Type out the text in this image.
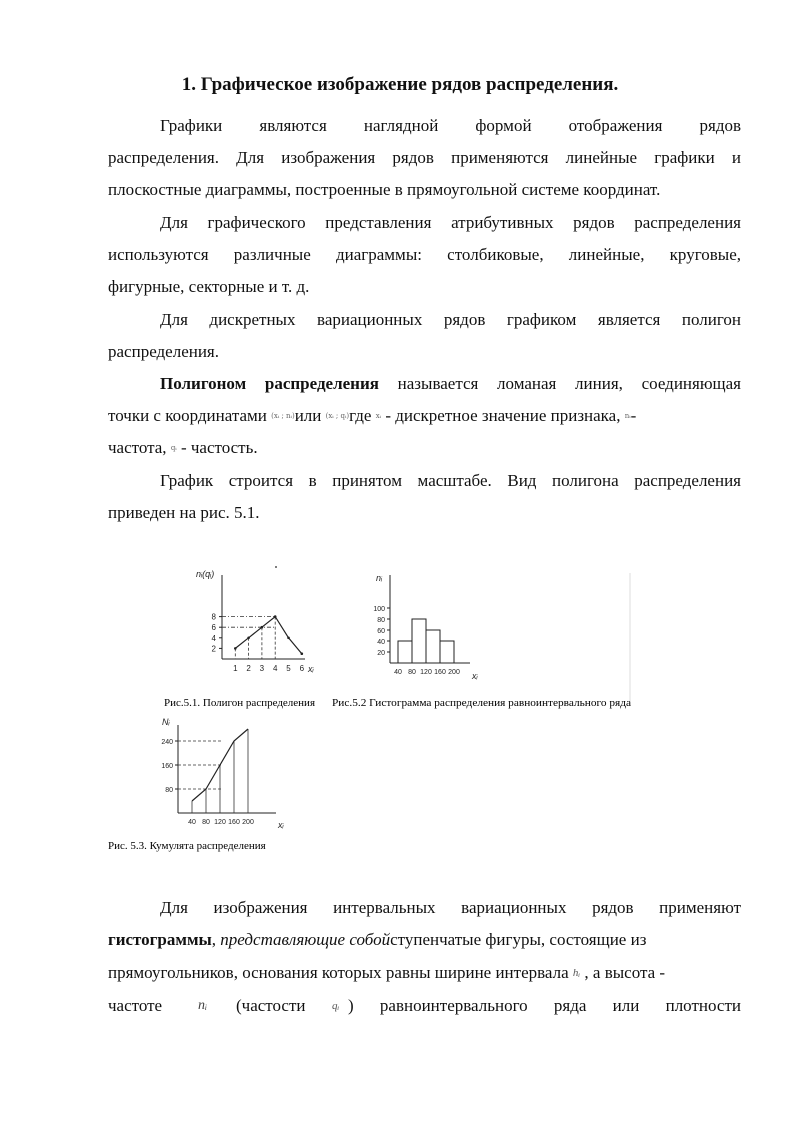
1. Графическое изображение рядов распределения.
Графики являются наглядной формой отображения рядов
распределения. Для изображения рядов применяются линейные графики и
плоскостные диаграммы, построенные в прямоугольной системе координат.
Для графического представления атрибутивных рядов распределения
используются различные диаграммы: столбиковые, линейные, круговые,
фигурные, секторные и т. д.
Для дискретных вариационных рядов графиком является полигон
распределения.
Полигоном распределения называется ломаная линия, соединяющая
точки с координатами (xᵢ ; nᵢ)или (xᵢ ; qᵢ)где xᵢ - дискретное значение признака, nᵢ-
частота, qᵢ - частость.
График строится в принятом масштабе. Вид полигона распределения
приведен на рис. 5.1.
nᵢ(qᵢ)
xᵢ
2
4
6
8
1 2 3 4 5 6
Рис.5.1. Полигон распределения
nᵢ
xᵢ
20
40
60
80
100
40 80 120 160 200
Рис.5.2 Гистограмма распределения равноинтервального ряда
Nᵢ
xᵢ
80
160
240
40 80 120 160 200
Рис. 5.3. Кумулята распределения
Для изображения интервальных вариационных рядов применяют
гистограммы, представляющие собойступенчатые фигуры, состоящие из
прямоугольников, основания которых равны ширине интервала hᵢ , а высота -
частоте	nᵢ (частости qᵢ ) равноинтервального ряда или плотности
